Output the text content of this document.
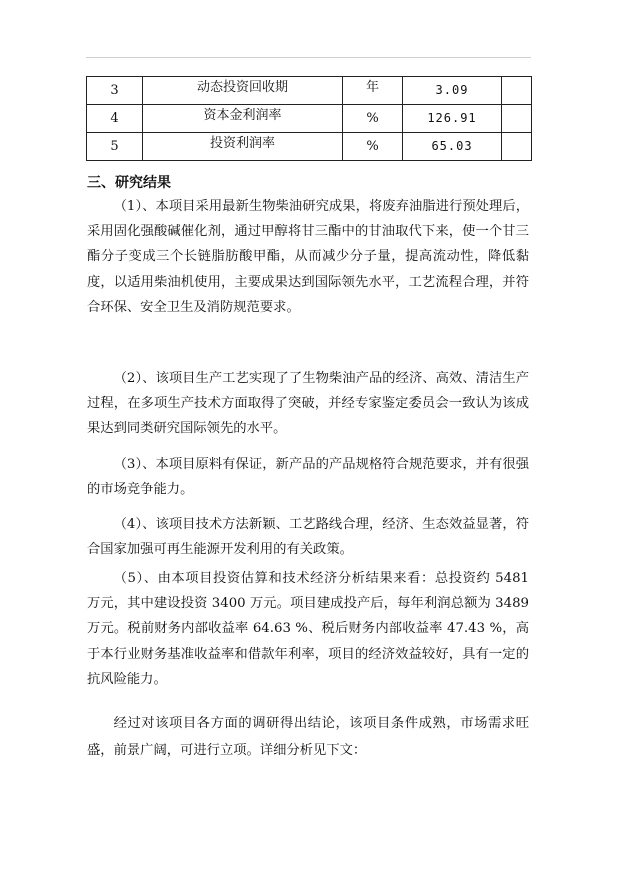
3	动态投资回收期	年	3.09	
4	资本金利润率	%	126.91	
5	投资利润率	%	65.03	
三、研究结果

（1）、本项目采用最新生物柴油研究成果，将废弃油脂进行预处理后，采用固化强酸碱催化剂，通过甲醇将甘三酯中的甘油取代下来，使一个甘三酯分子变成三个长链脂肪酸甲酯，从而减少分子量，提高流动性，降低黏度，以适用柴油机使用，主要成果达到国际领先水平，工艺流程合理，并符合环保、安全卫生及消防规范要求。

（2）、该项目生产工艺实现了了生物柴油产品的经济、高效、清洁生产过程，在多项生产技术方面取得了突破，并经专家鉴定委员会一致认为该成果达到同类研究国际领先的水平。

（3）、本项目原料有保证，新产品的产品规格符合规范要求，并有很强的市场竞争能力。

（4）、该项目技术方法新颖、工艺路线合理，经济、生态效益显著，符合国家加强可再生能源开发利用的有关政策。

（5）、由本项目投资估算和技术经济分析结果来看：总投资约 5481 万元，其中建设投资 3400 万元。项目建成投产后，每年利润总额为 3489 万元。税前财务内部收益率 64.63 %、税后财务内部收益率 47.43 %，高于本行业财务基准收益率和借款年利率，项目的经济效益较好，具有一定的抗风险能力。

经过对该项目各方面的调研得出结论，该项目条件成熟，市场需求旺盛，前景广阔，可进行立项。详细分析见下文：
